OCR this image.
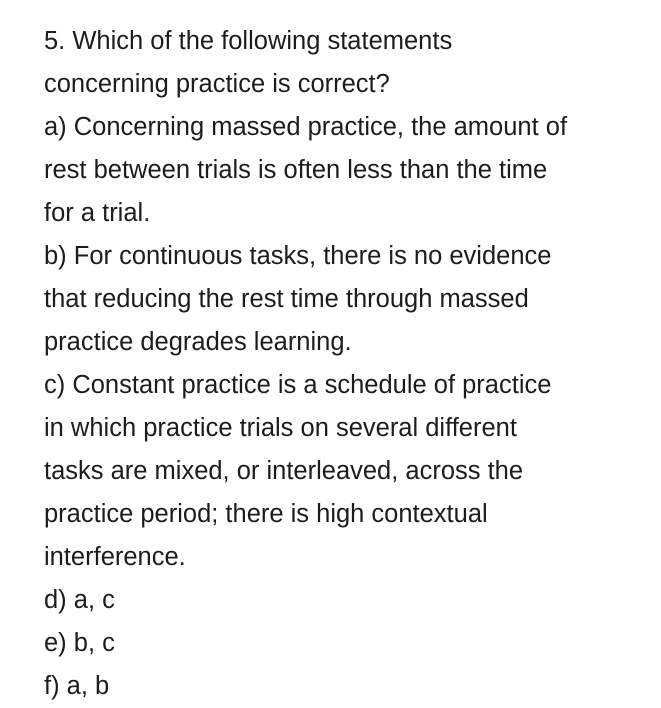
5. Which of the following statements
concerning practice is correct?
a) Concerning massed practice, the amount of
rest between trials is often less than the time
for a trial.
b) For continuous tasks, there is no evidence
that reducing the rest time through massed
practice degrades learning.
c) Constant practice is a schedule of practice
in which practice trials on several different
tasks are mixed, or interleaved, across the
practice period; there is high contextual
interference.
d) a, c
e) b, c
f) a, b
